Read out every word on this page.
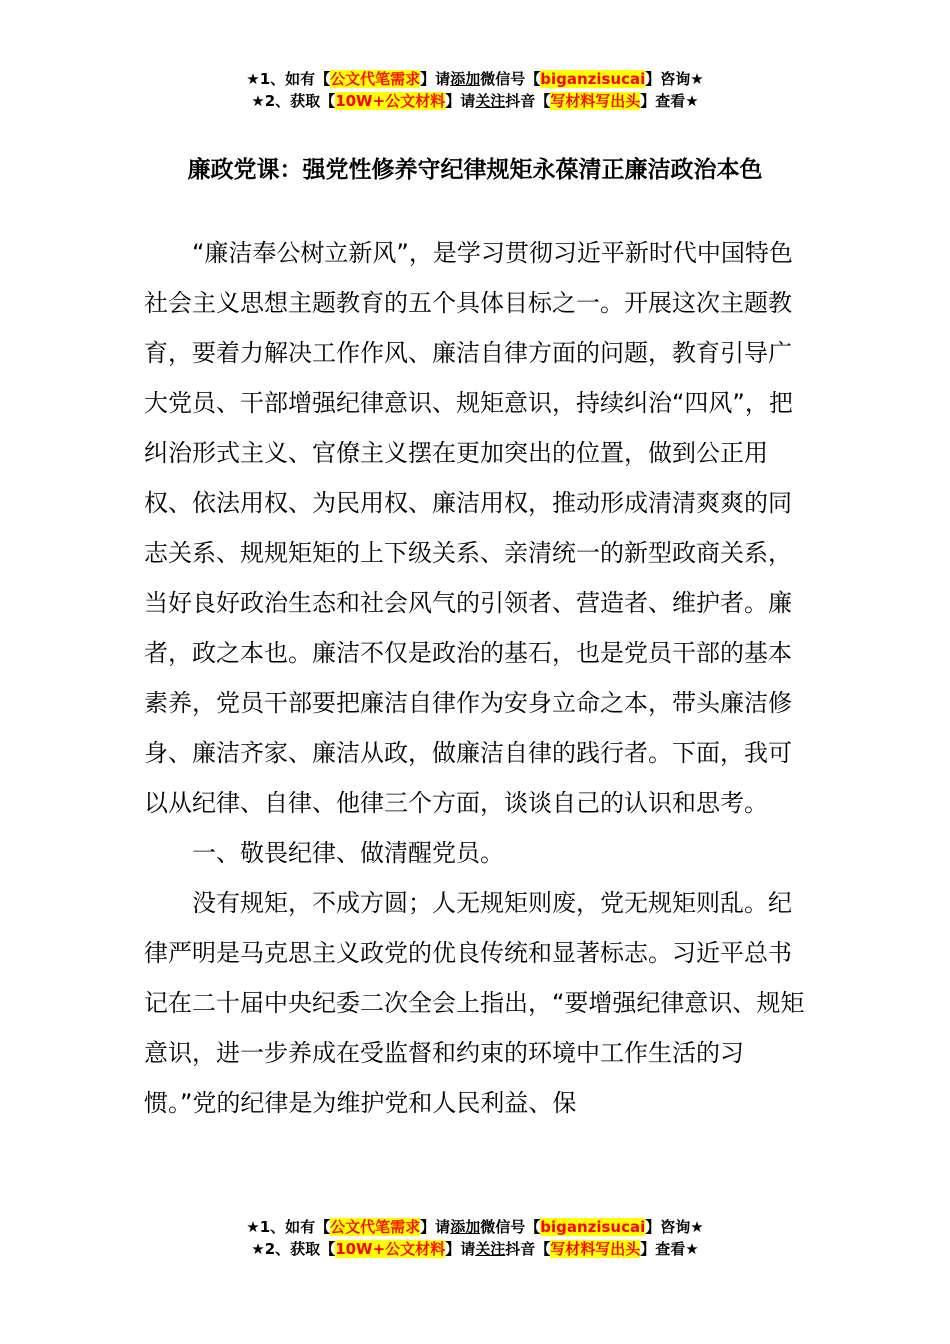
★1、如有【公文代笔需求】请添加微信号【biganzisucai】咨询★
★2、获取【10W+公文材料】请关注抖音【写材料写出头】查看★
廉政党课：强党性修养守纪律规矩永葆清正廉洁政治本色

“廉洁奉公树立新风”，是学习贯彻习近平新时代中国特色社会主义思想主题教育的五个具体目标之一。开展这次主题教育，要着力解决工作作风、廉洁自律方面的问题，教育引导广大党员、干部增强纪律意识、规矩意识，持续纠治“四风”，把纠治形式主义、官僚主义摆在更加突出的位置，做到公正用权、依法用权、为民用权、廉洁用权，推动形成清清爽爽的同志关系、规规矩矩的上下级关系、亲清统一的新型政商关系，当好良好政治生态和社会风气的引领者、营造者、维护者。廉者，政之本也。廉洁不仅是政治的基石，也是党员干部的基本素养，党员干部要把廉洁自律作为安身立命之本，带头廉洁修身、廉洁齐家、廉洁从政，做廉洁自律的践行者。下面，我可以从纪律、自律、他律三个方面，谈谈自己的认识和思考。

一、敬畏纪律、做清醒党员。

没有规矩，不成方圆；人无规矩则废，党无规矩则乱。纪律严明是马克思主义政党的优良传统和显著标志。习近平总书记在二十届中央纪委二次全会上指出，“要增强纪律意识、规矩意识，进一步养成在受监督和约束的环境中工作生活的习惯。”党的纪律是为维护党和人民利益、保

★1、如有【公文代笔需求】请添加微信号【biganzisucai】咨询★
★2、获取【10W+公文材料】请关注抖音【写材料写出头】查看★
